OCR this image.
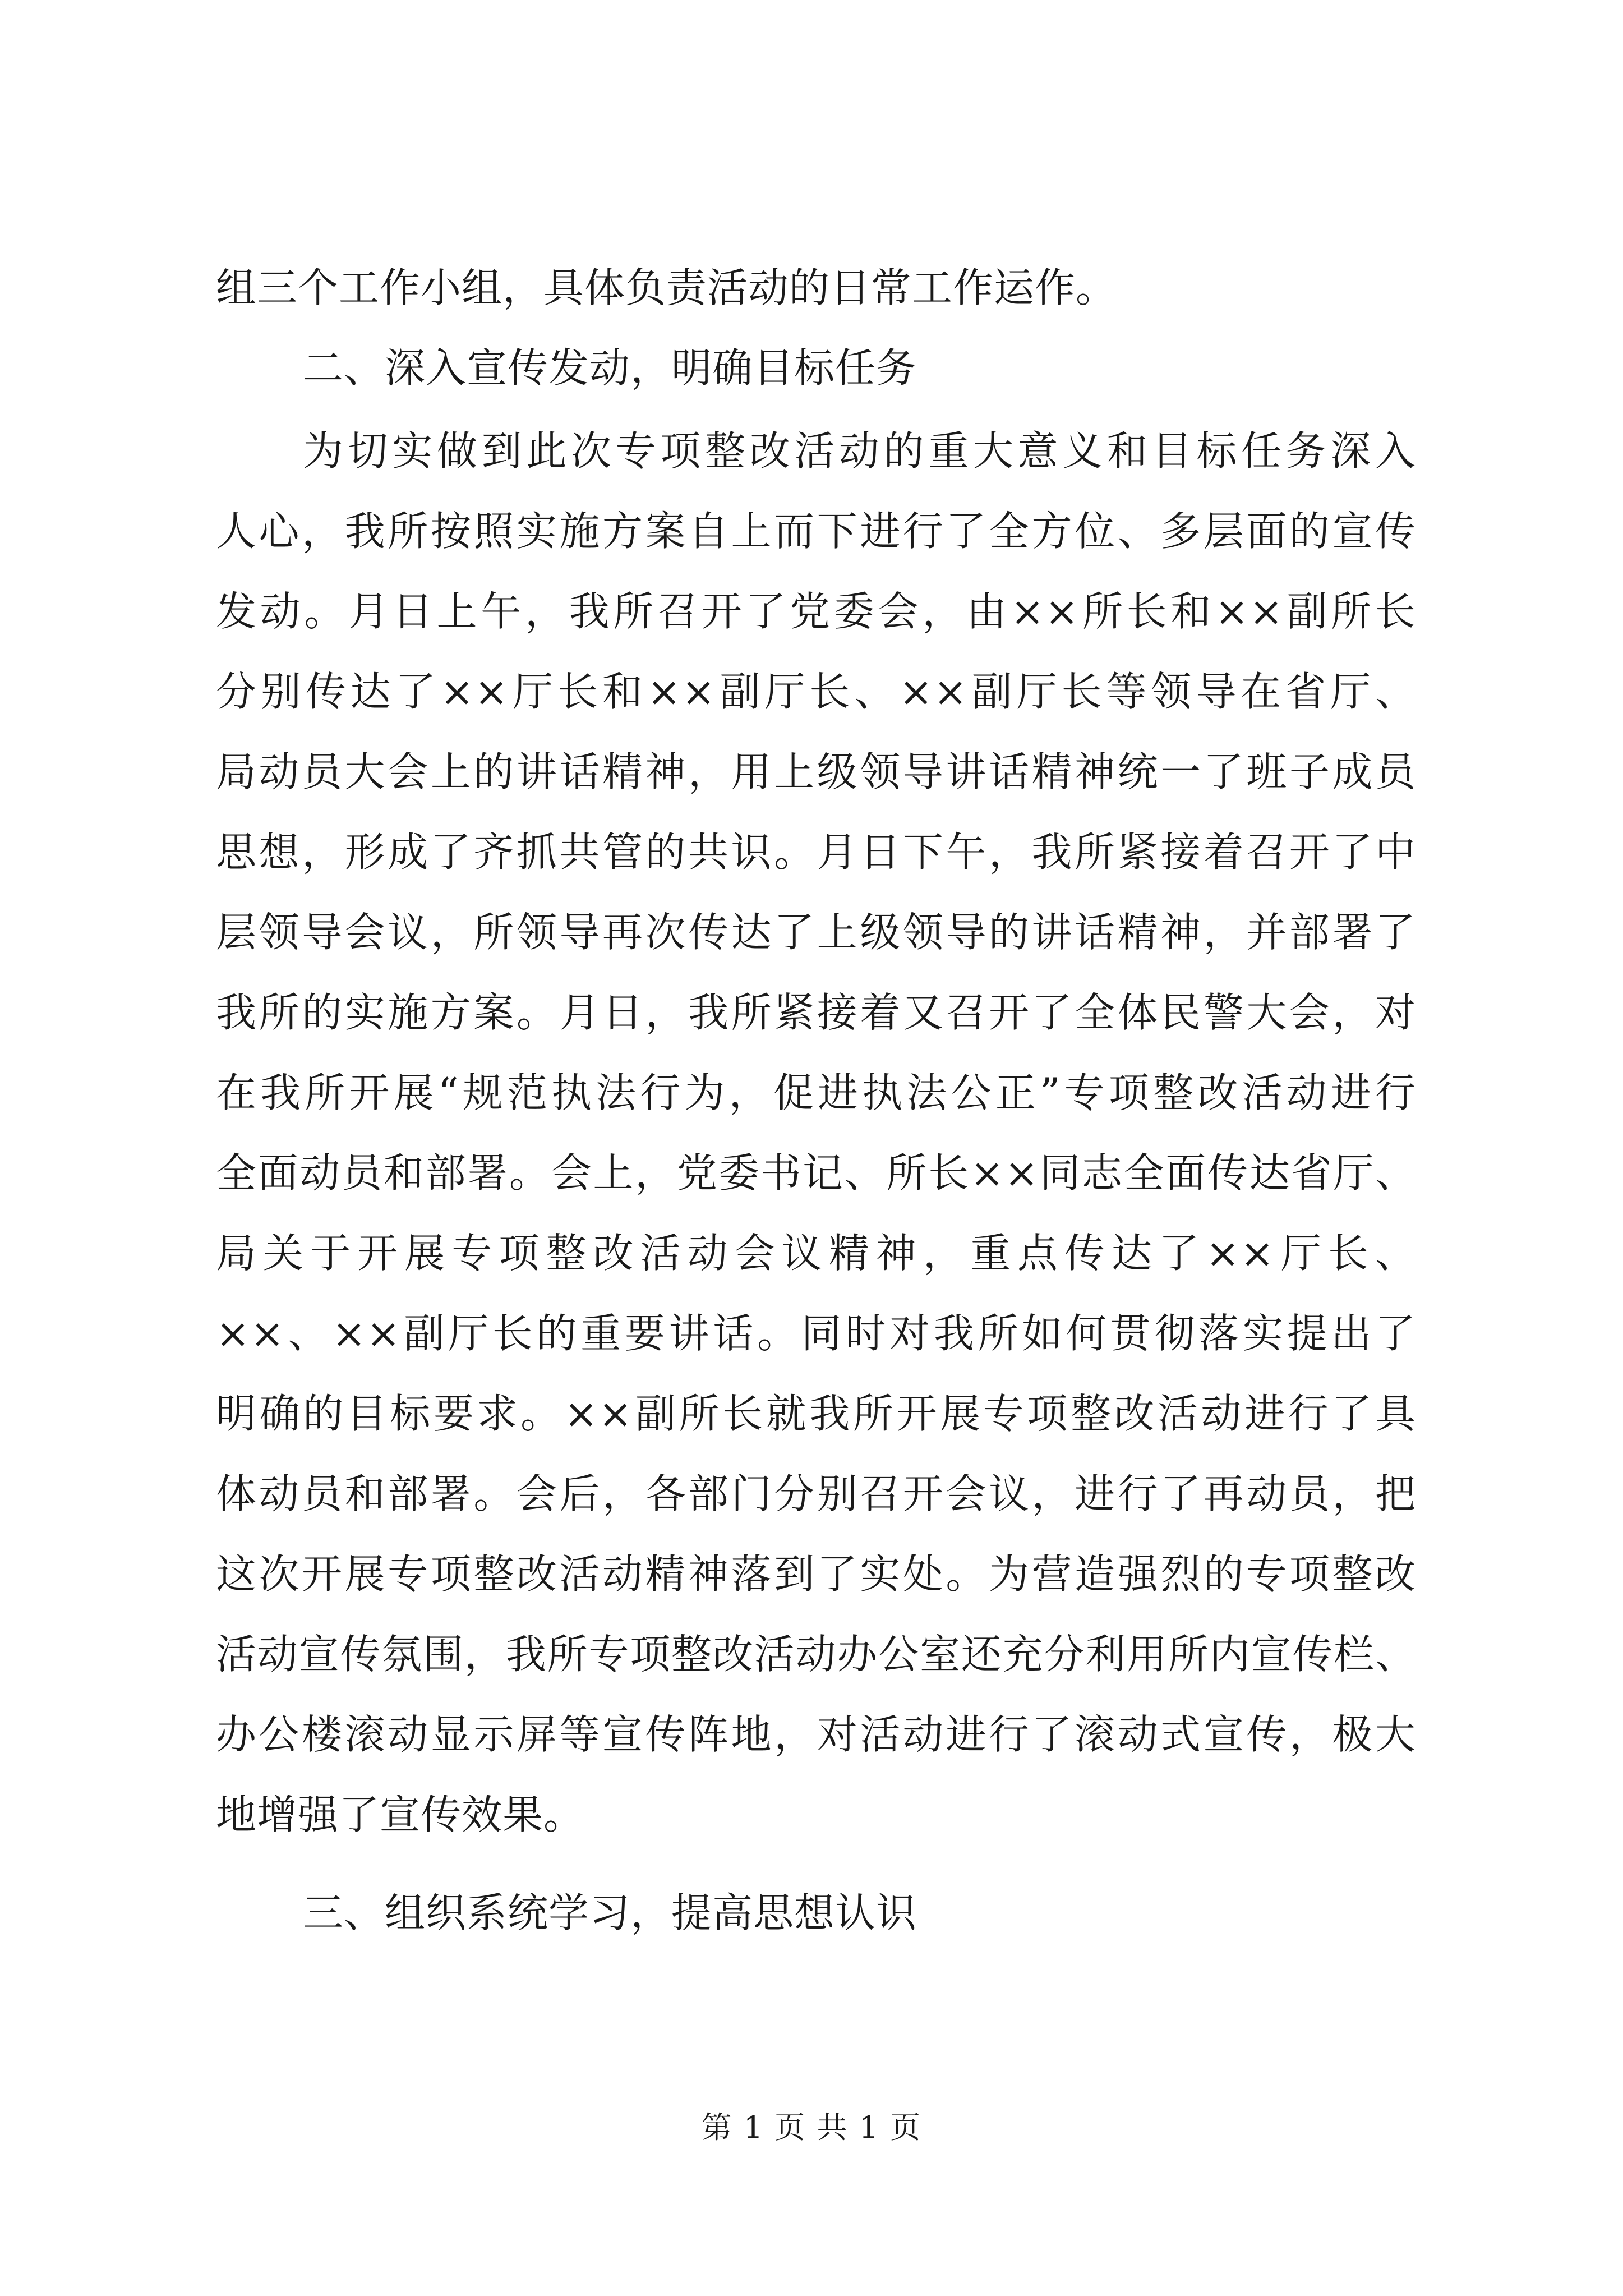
组三个工作小组，具体负责活动的日常工作运作。
二、深入宣传发动，明确目标任务
为切实做到此次专项整改活动的重大意义和目标任务深入
人心，我所按照实施方案自上而下进行了全方位、多层面的宣传
发动。月日上午，我所召开了党委会，由××所长和××副所长
分别传达了××厅长和××副厅长、××副厅长等领导在省厅、
局动员大会上的讲话精神，用上级领导讲话精神统一了班子成员
思想，形成了齐抓共管的共识。月日下午，我所紧接着召开了中
层领导会议，所领导再次传达了上级领导的讲话精神，并部署了
我所的实施方案。月日，我所紧接着又召开了全体民警大会，对
在我所开展“规范执法行为，促进执法公正”专项整改活动进行
全面动员和部署。会上，党委书记、所长××同志全面传达省厅、
局关于开展专项整改活动会议精神，重点传达了××厅长、
××、××副厅长的重要讲话。同时对我所如何贯彻落实提出了
明确的目标要求。××副所长就我所开展专项整改活动进行了具
体动员和部署。会后，各部门分别召开会议，进行了再动员，把
这次开展专项整改活动精神落到了实处。为营造强烈的专项整改
活动宣传氛围，我所专项整改活动办公室还充分利用所内宣传栏、
办公楼滚动显示屏等宣传阵地，对活动进行了滚动式宣传，极大
地增强了宣传效果。
三、组织系统学习，提高思想认识
第 1 页 共 1 页
